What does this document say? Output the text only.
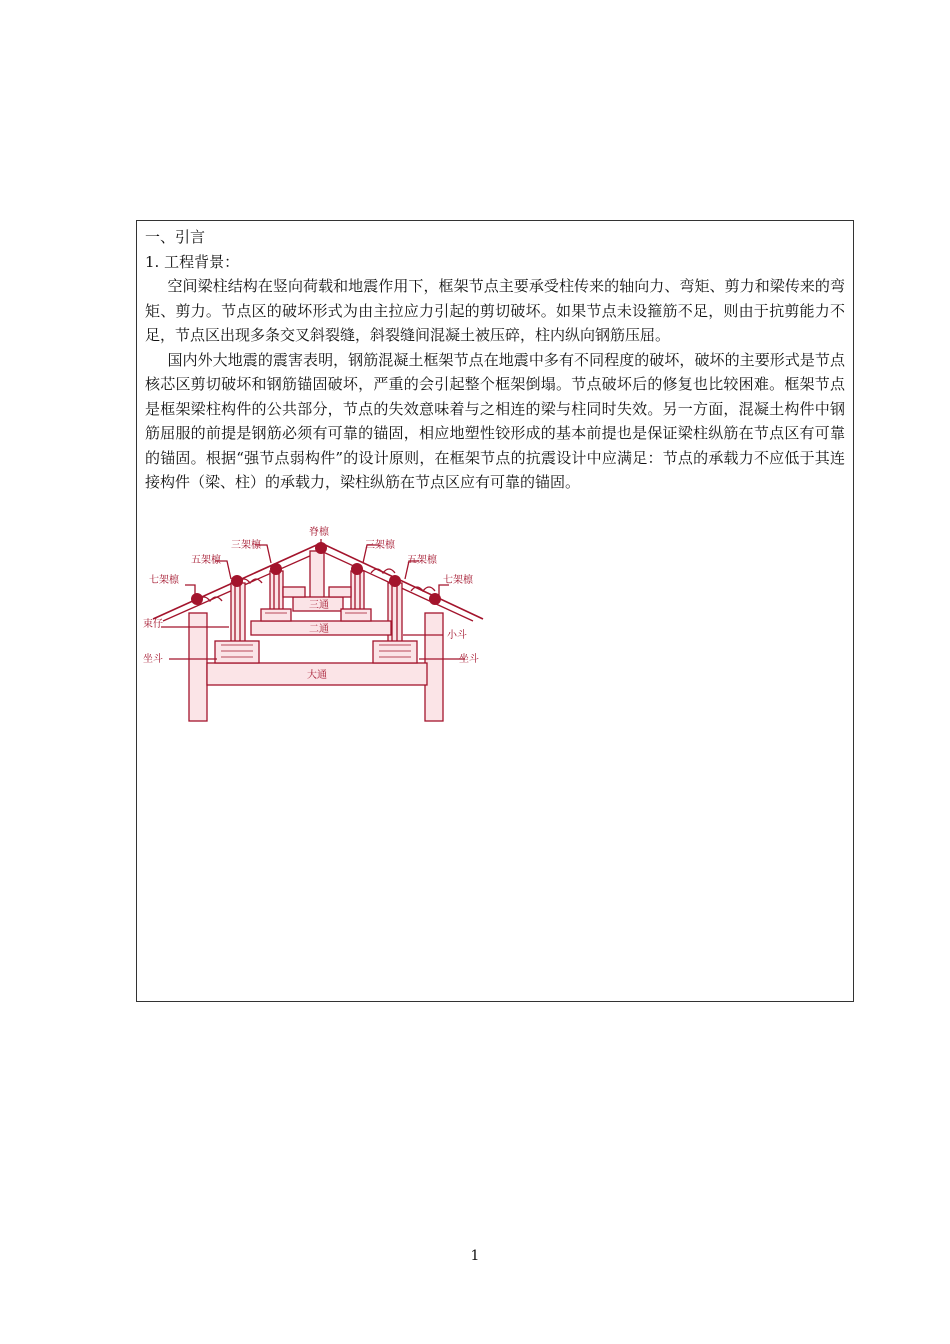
一、引言

1. 工程背景：

空间梁柱结构在竖向荷载和地震作用下，框架节点主要承受柱传来的轴向力、弯矩、剪力和梁传来的弯矩、剪力。节点区的破坏形式为由主拉应力引起的剪切破坏。如果节点未设箍筋不足，则由于抗剪能力不足，节点区出现多条交叉斜裂缝，斜裂缝间混凝土被压碎，柱内纵向钢筋压屈。

国内外大地震的震害表明，钢筋混凝土框架节点在地震中多有不同程度的破坏，破坏的主要形式是节点核芯区剪切破坏和钢筋锚固破坏，严重的会引起整个框架倒塌。节点破坏后的修复也比较困难。框架节点是框架梁柱构件的公共部分，节点的失效意味着与之相连的梁与柱同时失效。另一方面，混凝土构件中钢筋屈服的前提是钢筋必须有可靠的锚固，相应地塑性铰形成的基本前提也是保证梁柱纵筋在节点区有可靠的锚固。根据“强节点弱构件”的设计原则，在框架节点的抗震设计中应满足：节点的承载力不应低于其连接构件（梁、柱）的承载力，梁柱纵筋在节点区应有可靠的锚固。

脊檩
三架檩	三架檩
五架檩	五架檩
七架檩	七架檩
束仔
小斗
坐斗	坐斗
三通
二通
大通
1
